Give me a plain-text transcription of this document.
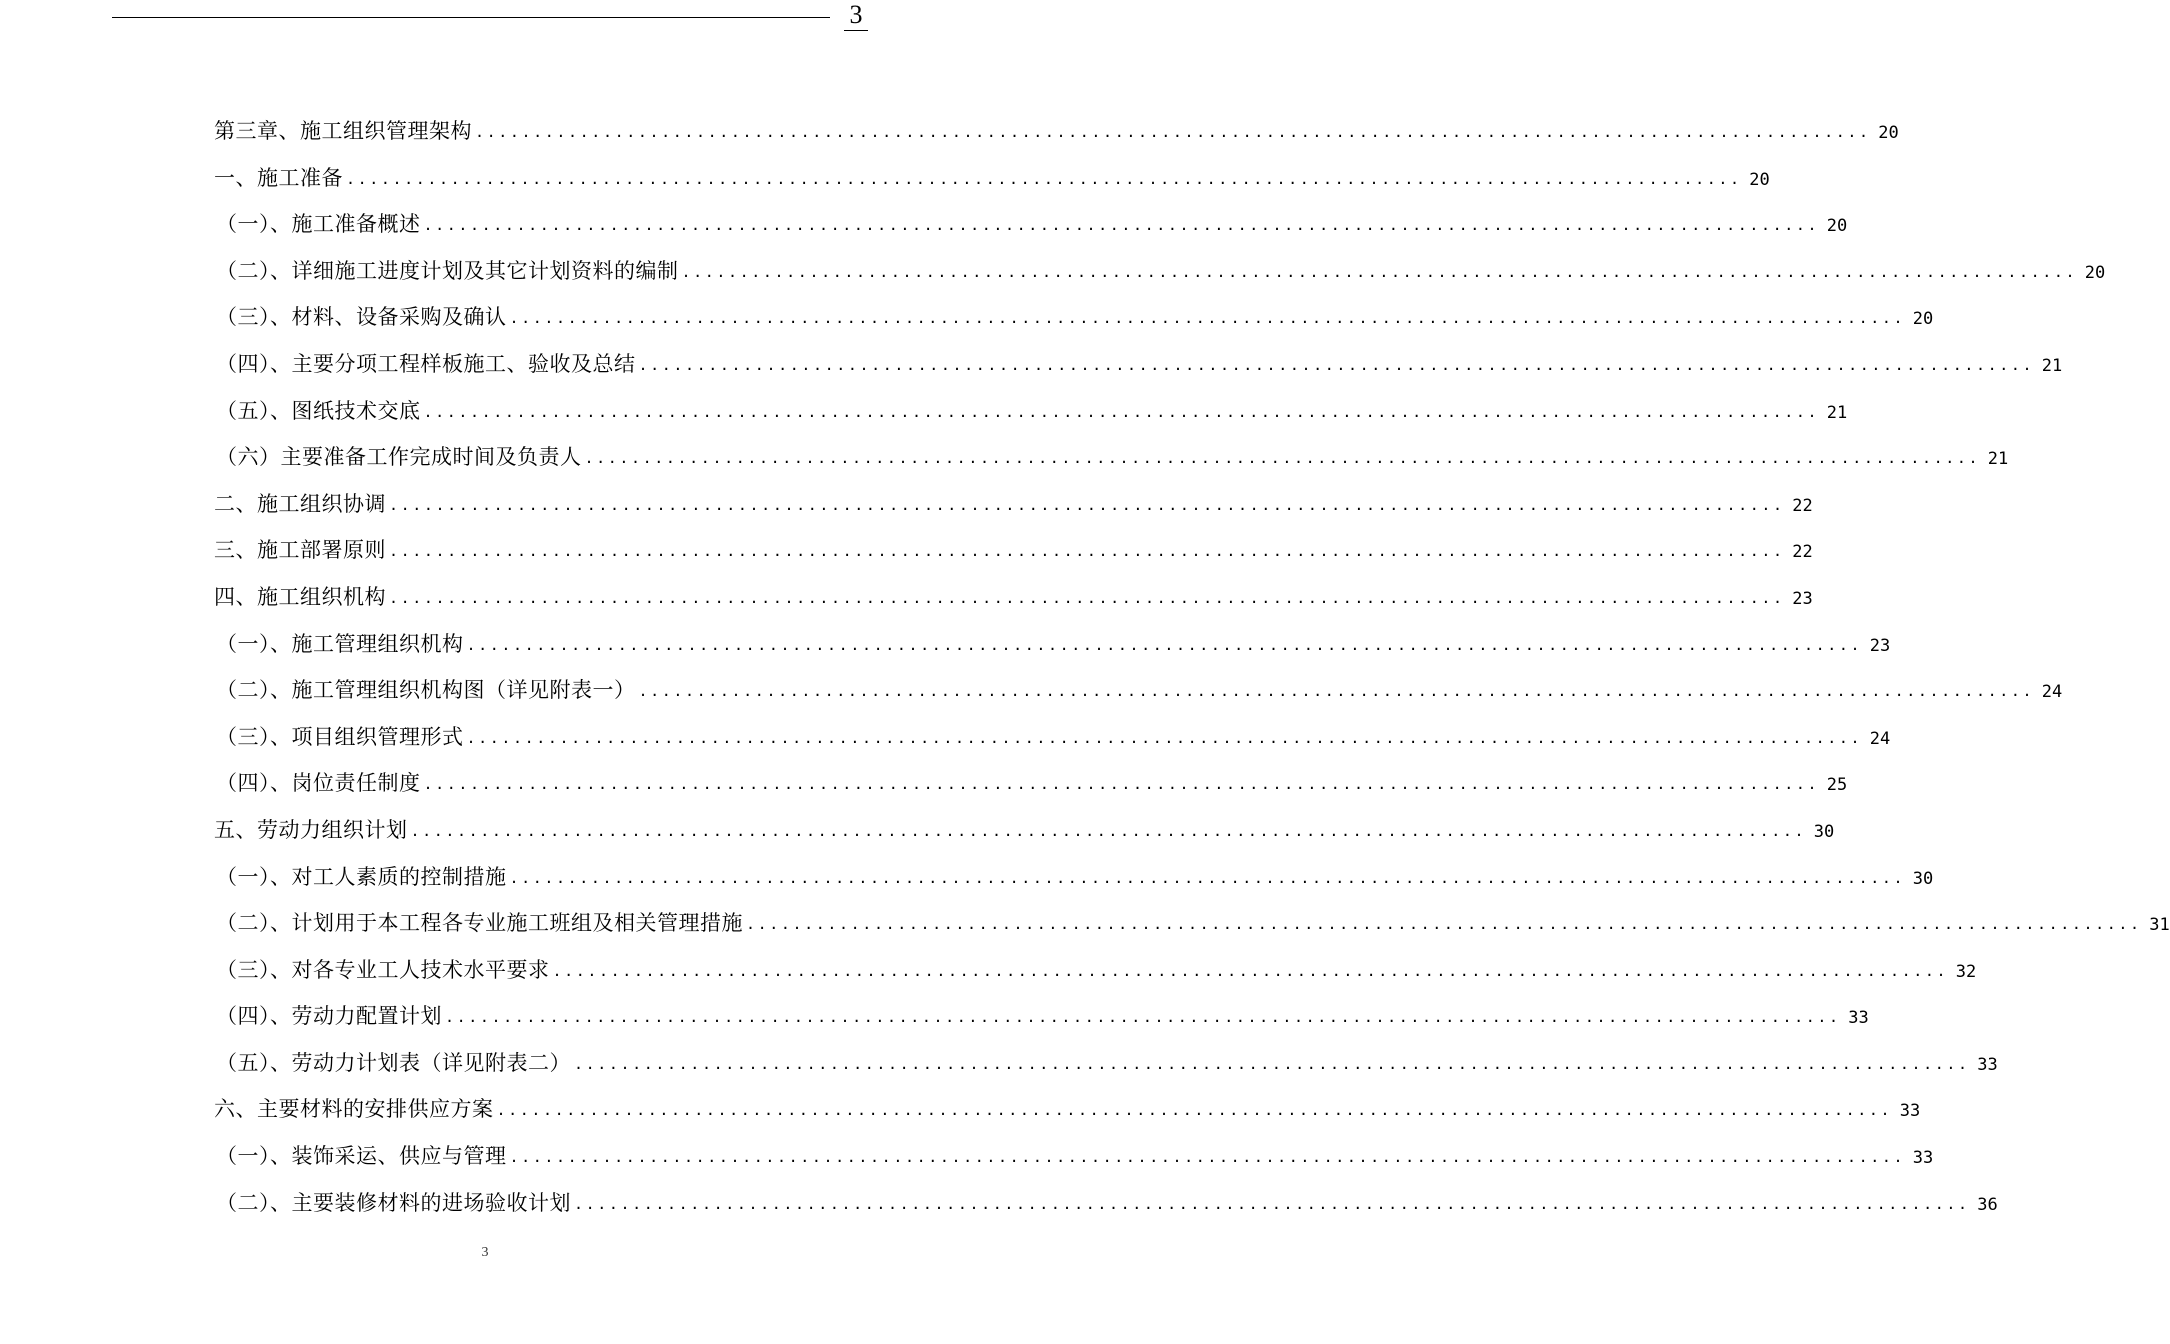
3
第三章、施工组织管理架构 ........................................................................................................................ 20
一、施工准备 ........................................................................................................................ 20
（一）、施工准备概述 ........................................................................................................................ 20
（二）、详细施工进度计划及其它计划资料的编制 ........................................................................................................................ 20
（三）、材料、设备采购及确认 ........................................................................................................................ 20
（四）、主要分项工程样板施工、验收及总结 ........................................................................................................................ 21
（五）、图纸技术交底 ........................................................................................................................ 21
（六）主要准备工作完成时间及负责人 ........................................................................................................................ 21
二、施工组织协调 ........................................................................................................................ 22
三、施工部署原则 ........................................................................................................................ 22
四、施工组织机构 ........................................................................................................................ 23
（一）、施工管理组织机构 ........................................................................................................................ 23
（二）、施工管理组织机构图（详见附表一） ........................................................................................................................ 24
（三）、项目组织管理形式 ........................................................................................................................ 24
（四）、岗位责任制度 ........................................................................................................................ 25
五、劳动力组织计划 ........................................................................................................................ 30
（一）、对工人素质的控制措施 ........................................................................................................................ 30
（二）、计划用于本工程各专业施工班组及相关管理措施 ........................................................................................................................ 31
（三）、对各专业工人技术水平要求 ........................................................................................................................ 32
（四）、劳动力配置计划 ........................................................................................................................ 33
（五）、劳动力计划表（详见附表二） ........................................................................................................................ 33
六、主要材料的安排供应方案 ........................................................................................................................ 33
（一）、装饰采运、供应与管理 ........................................................................................................................ 33
（二）、主要装修材料的进场验收计划 ........................................................................................................................ 36
3
